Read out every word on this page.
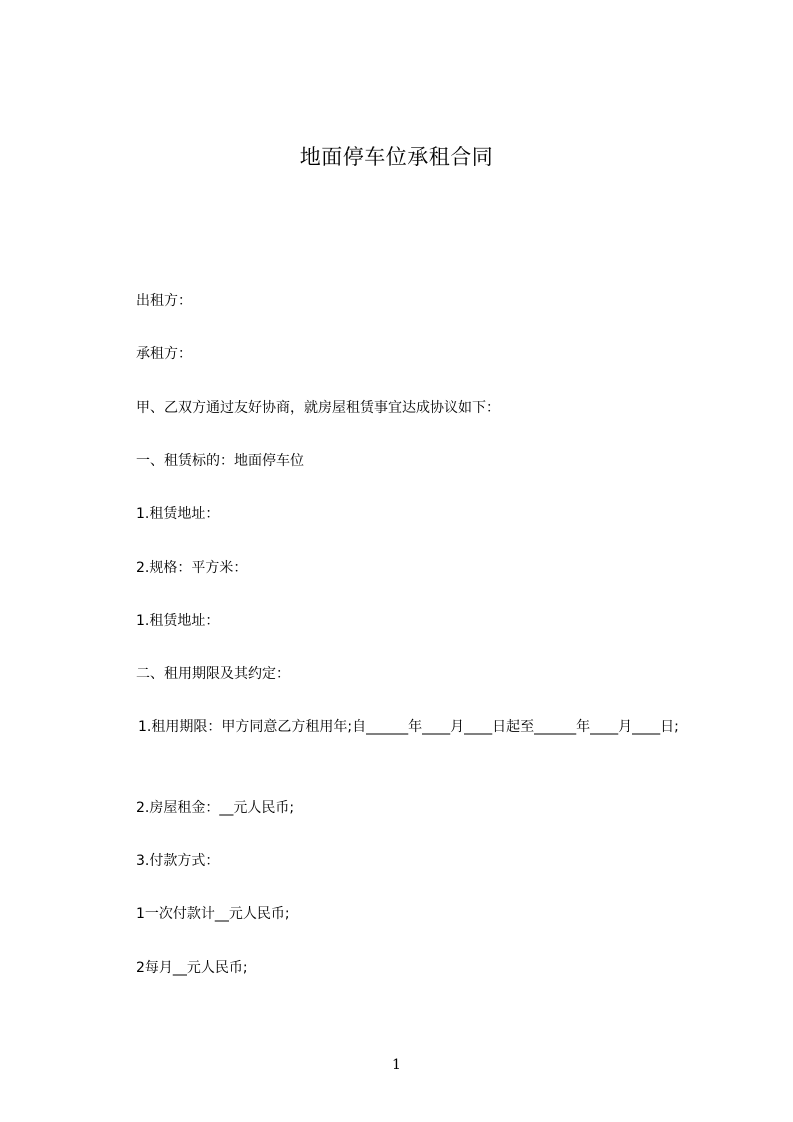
地面停车位承租合同
出租方：
承租方：
甲、乙双方通过友好协商，就房屋租赁事宜达成协议如下：
一、租赁标的：地面停车位
1.租赁地址：
2.规格：平方米：
1.租赁地址：
二、租用期限及其约定：
1.租用期限：甲方同意乙方租用年;自______年____月____日起至______年____月____日;
2.房屋租金：__元人民币;
3.付款方式：
1一次付款计__元人民币;
2每月__元人民币;
1
